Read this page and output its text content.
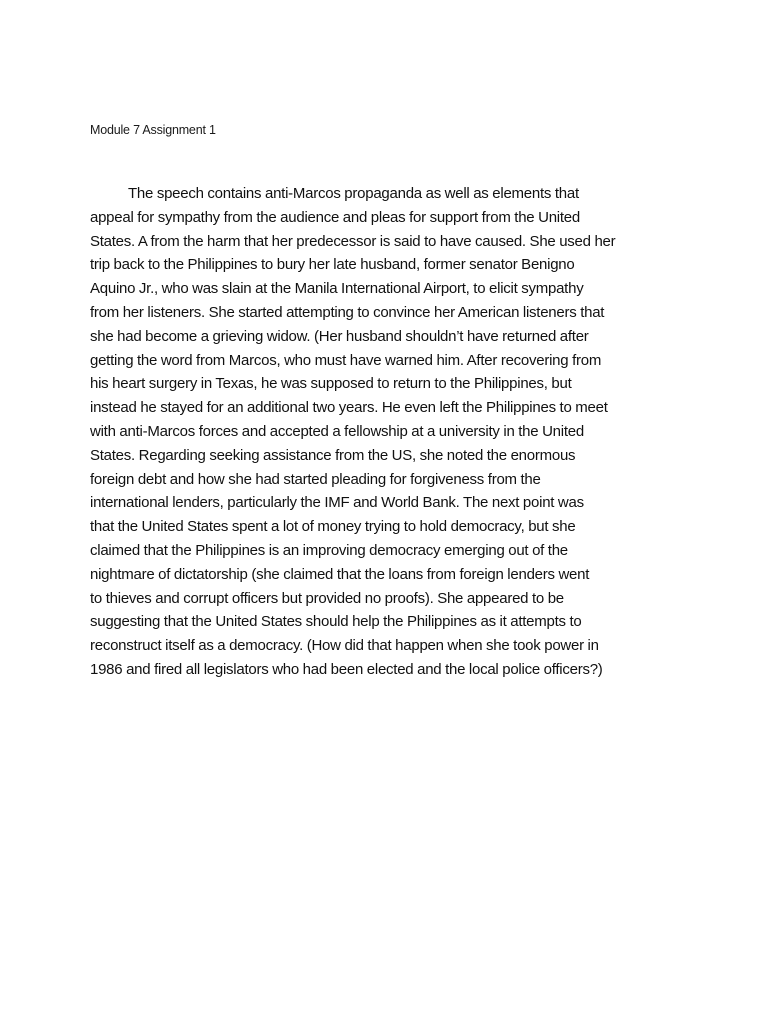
Module 7 Assignment 1
The speech contains anti-Marcos propaganda as well as elements that
appeal for sympathy from the audience and pleas for support from the United
States. A from the harm that her predecessor is said to have caused. She used her
trip back to the Philippines to bury her late husband, former senator Benigno
Aquino Jr., who was slain at the Manila International Airport, to elicit sympathy
from her listeners. She started attempting to convince her American listeners that
she had become a grieving widow. (Her husband shouldn’t have returned after
getting the word from Marcos, who must have warned him. After recovering from
his heart surgery in Texas, he was supposed to return to the Philippines, but
instead he stayed for an additional two years. He even left the Philippines to meet
with anti-Marcos forces and accepted a fellowship at a university in the United
States. Regarding seeking assistance from the US, she noted the enormous
foreign debt and how she had started pleading for forgiveness from the
international lenders, particularly the IMF and World Bank. The next point was
that the United States spent a lot of money trying to hold democracy, but she
claimed that the Philippines is an improving democracy emerging out of the
nightmare of dictatorship (she claimed that the loans from foreign lenders went
to thieves and corrupt officers but provided no proofs). She appeared to be
suggesting that the United States should help the Philippines as it attempts to
reconstruct itself as a democracy. (How did that happen when she took power in
1986 and fired all legislators who had been elected and the local police officers?)
